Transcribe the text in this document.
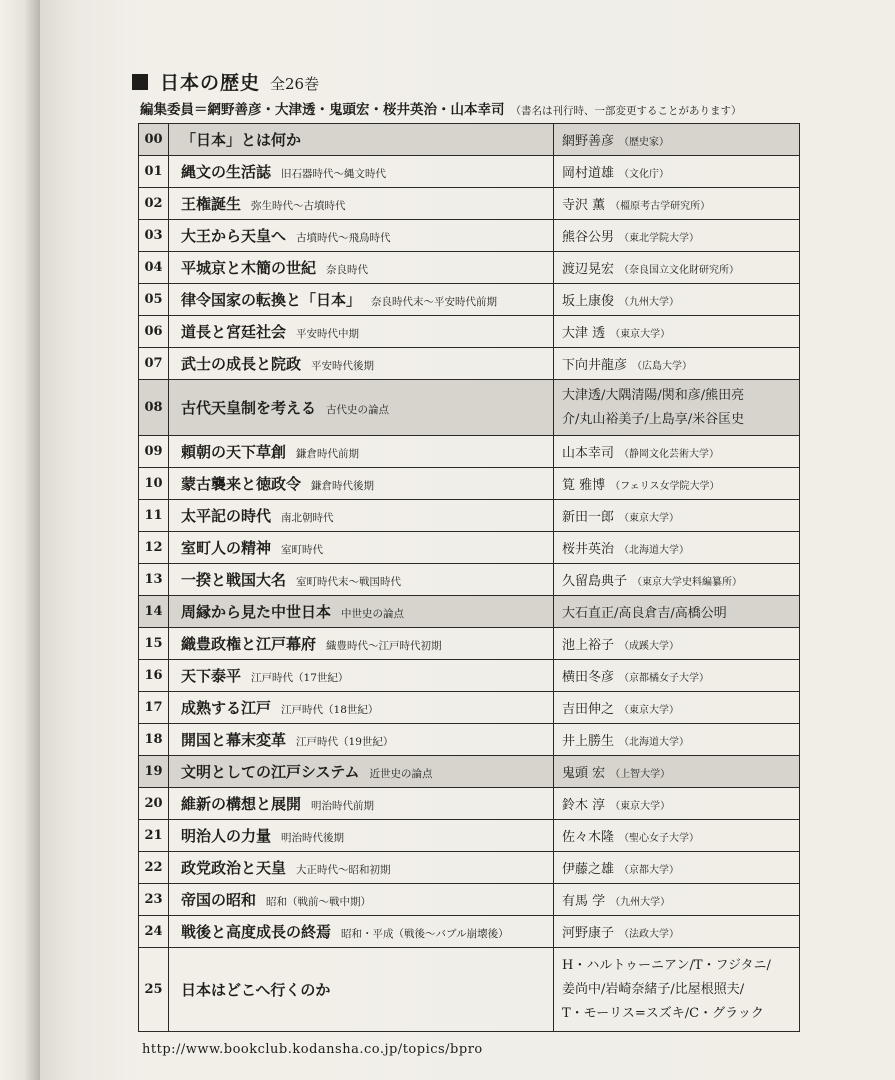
日本の歴史 全26巻
編集委員＝網野善彦・大津透・鬼頭宏・桜井英治・山本幸司 （書名は刊行時、一部変更することがあります）
00	「日本」とは何か	網野善彦 （歴史家）
01	縄文の生活誌 旧石器時代～縄文時代	岡村道雄 （文化庁）
02	王権誕生 弥生時代～古墳時代	寺沢 薫 （橿原考古学研究所）
03	大王から天皇へ 古墳時代～飛鳥時代	熊谷公男 （東北学院大学）
04	平城京と木簡の世紀 奈良時代	渡辺晃宏 （奈良国立文化財研究所）
05	律令国家の転換と「日本」 奈良時代末～平安時代前期	坂上康俊 （九州大学）
06	道長と宮廷社会 平安時代中期	大津 透 （東京大学）
07	武士の成長と院政 平安時代後期	下向井龍彦 （広島大学）
08	古代天皇制を考える 古代史の論点	大津透/大隅清陽/関和彦/熊田亮
介/丸山裕美子/上島享/米谷匡史

09	頼朝の天下草創 鎌倉時代前期	山本幸司 （静岡文化芸術大学）
10	蒙古襲来と徳政令 鎌倉時代後期	筧 雅博 （フェリス女学院大学）
11	太平記の時代 南北朝時代	新田一郎 （東京大学）
12	室町人の精神 室町時代	桜井英治 （北海道大学）
13	一揆と戦国大名 室町時代末～戦国時代	久留島典子 （東京大学史料編纂所）
14	周縁から見た中世日本 中世史の論点	大石直正/高良倉吉/高橋公明
15	織豊政権と江戸幕府 織豊時代～江戸時代初期	池上裕子 （成蹊大学）
16	天下泰平 江戸時代（17世紀）	横田冬彦 （京都橘女子大学）
17	成熟する江戸 江戸時代（18世紀）	吉田伸之 （東京大学）
18	開国と幕末変革 江戸時代（19世紀）	井上勝生 （北海道大学）
19	文明としての江戸システム 近世史の論点	鬼頭 宏 （上智大学）
20	維新の構想と展開 明治時代前期	鈴木 淳 （東京大学）
21	明治人の力量 明治時代後期	佐々木隆 （聖心女子大学）
22	政党政治と天皇 大正時代～昭和初期	伊藤之雄 （京都大学）
23	帝国の昭和 昭和（戦前～戦中期）	有馬 学 （九州大学）
24	戦後と高度成長の終焉 昭和・平成（戦後～バブル崩壊後）	河野康子 （法政大学）
25	日本はどこへ行くのか	H・ハルトゥーニアン/T・フジタニ/
姜尚中/岩崎奈緒子/比屋根照夫/
T・モーリス=スズキ/C・グラック
http://www.bookclub.kodansha.co.jp/topics/bpro
